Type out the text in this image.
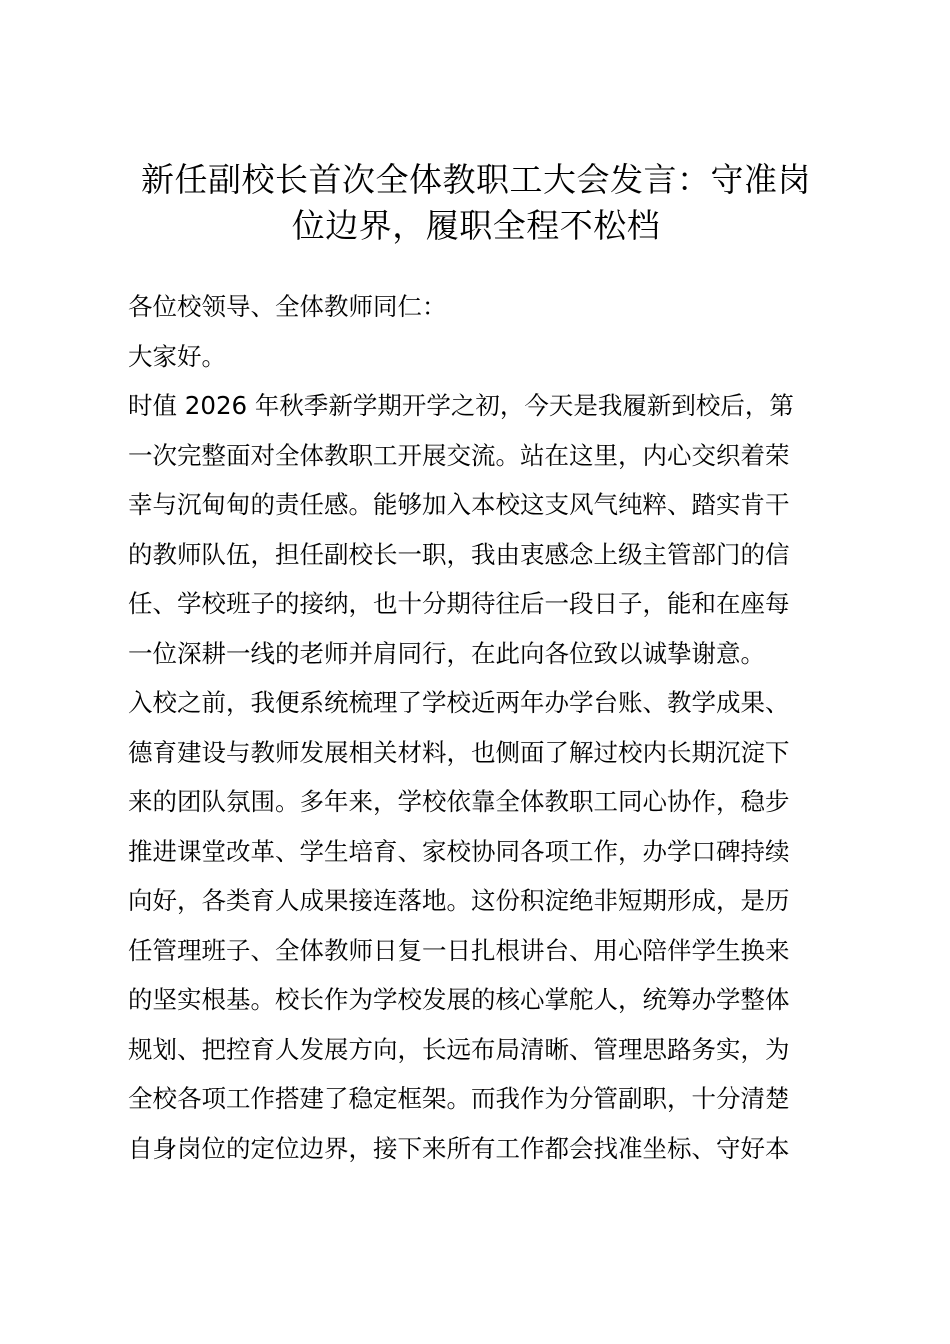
新任副校长首次全体教职工大会发言：守准岗
位边界，履职全程不松档
各位校领导、全体教师同仁：
大家好。
时值 2026 年秋季新学期开学之初，今天是我履新到校后，第
一次完整面对全体教职工开展交流。站在这里，内心交织着荣
幸与沉甸甸的责任感。能够加入本校这支风气纯粹、踏实肯干
的教师队伍，担任副校长一职，我由衷感念上级主管部门的信
任、学校班子的接纳，也十分期待往后一段日子，能和在座每
一位深耕一线的老师并肩同行，在此向各位致以诚挚谢意。
入校之前，我便系统梳理了学校近两年办学台账、教学成果、
德育建设与教师发展相关材料，也侧面了解过校内长期沉淀下
来的团队氛围。多年来，学校依靠全体教职工同心协作，稳步
推进课堂改革、学生培育、家校协同各项工作，办学口碑持续
向好，各类育人成果接连落地。这份积淀绝非短期形成，是历
任管理班子、全体教师日复一日扎根讲台、用心陪伴学生换来
的坚实根基。校长作为学校发展的核心掌舵人，统筹办学整体
规划、把控育人发展方向，长远布局清晰、管理思路务实，为
全校各项工作搭建了稳定框架。而我作为分管副职，十分清楚
自身岗位的定位边界，接下来所有工作都会找准坐标、守好本
